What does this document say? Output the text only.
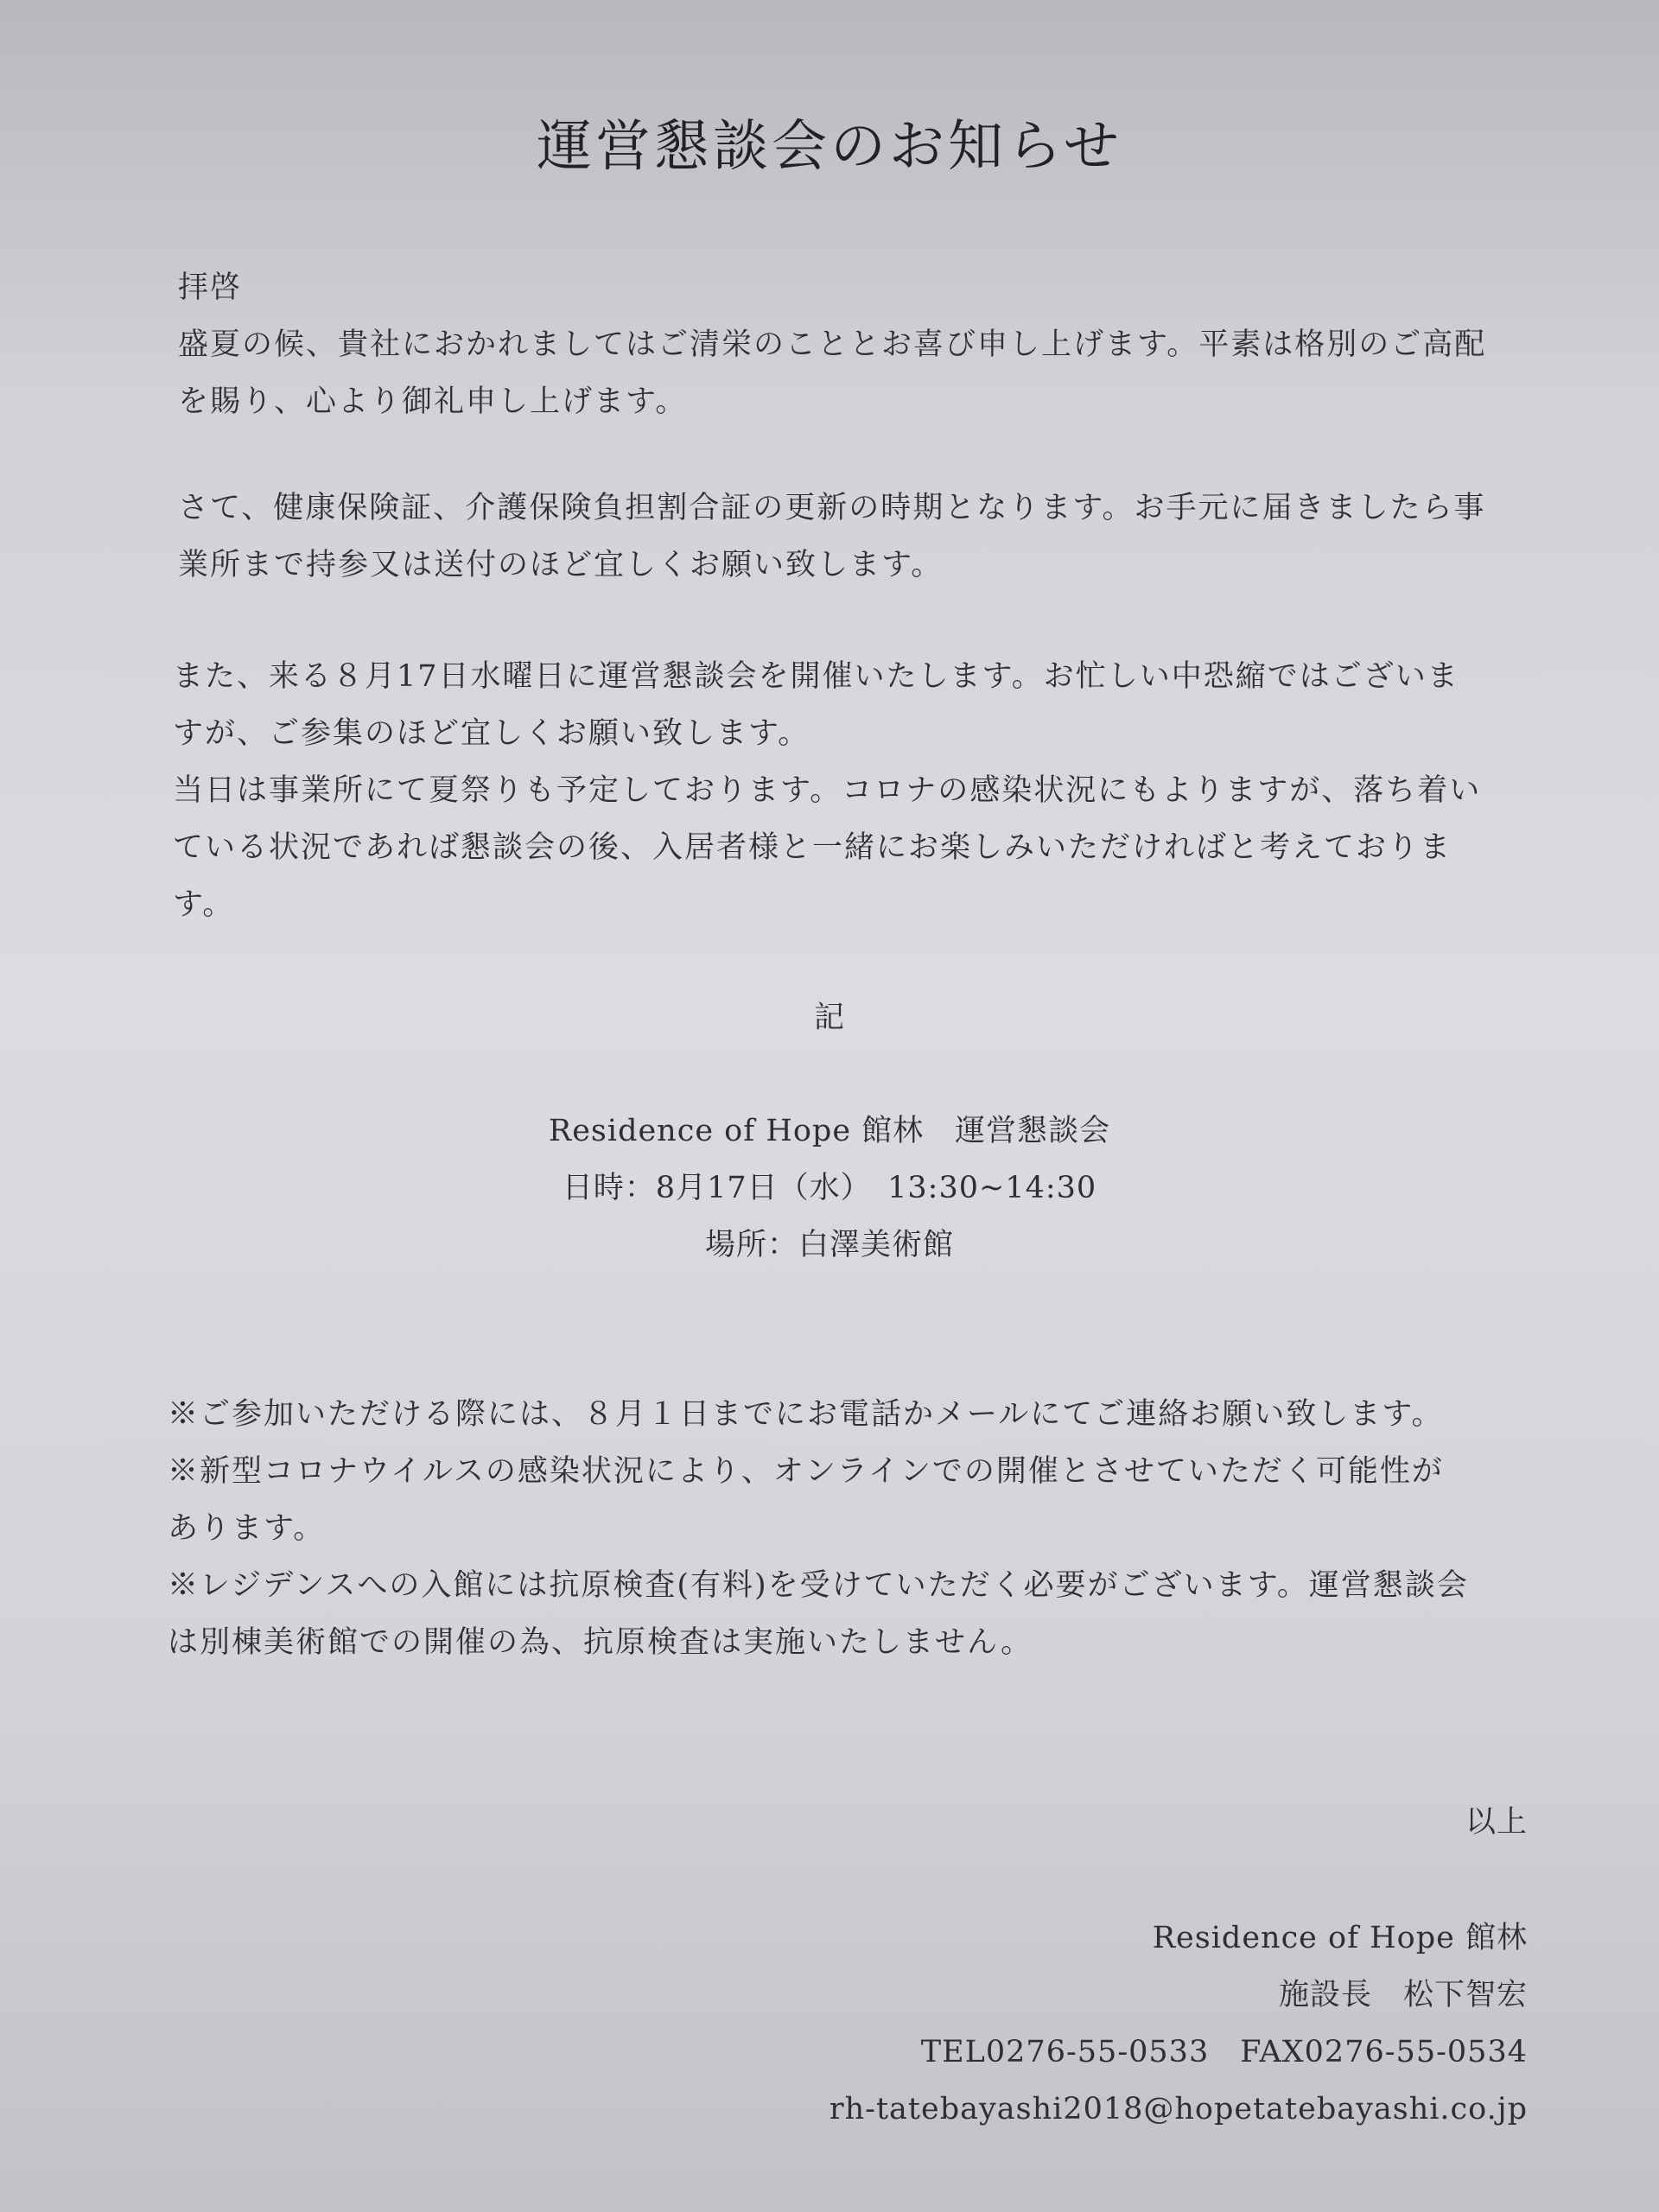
運営懇談会のお知らせ
拝啓
盛夏の候、貴社におかれましてはご清栄のこととお喜び申し上げます。平素は格別のご高配
を賜り、心より御礼申し上げます。
さて、健康保険証、介護保険負担割合証の更新の時期となります。お手元に届きましたら事
業所まで持参又は送付のほど宜しくお願い致します。
また、来る８月17日水曜日に運営懇談会を開催いたします。お忙しい中恐縮ではございま
すが、ご参集のほど宜しくお願い致します。
当日は事業所にて夏祭りも予定しております。コロナの感染状況にもよりますが、落ち着い
ている状況であれば懇談会の後、入居者様と一緒にお楽しみいただければと考えておりま
す。
記
Residence of Hope 館林　運営懇談会
日時：8月17日（水）　13:30~14:30
場所：白澤美術館
※ご参加いただける際には、８月１日までにお電話かメールにてご連絡お願い致します。
※新型コロナウイルスの感染状況により、オンラインでの開催とさせていただく可能性が
あります。
※レジデンスへの入館には抗原検査(有料)を受けていただく必要がございます。運営懇談会
は別棟美術館での開催の為、抗原検査は実施いたしません。
以上
Residence of Hope 館林
施設長　松下智宏
TEL0276-55-0533　FAX0276-55-0534
rh-tatebayashi2018@hopetatebayashi.co.jp
